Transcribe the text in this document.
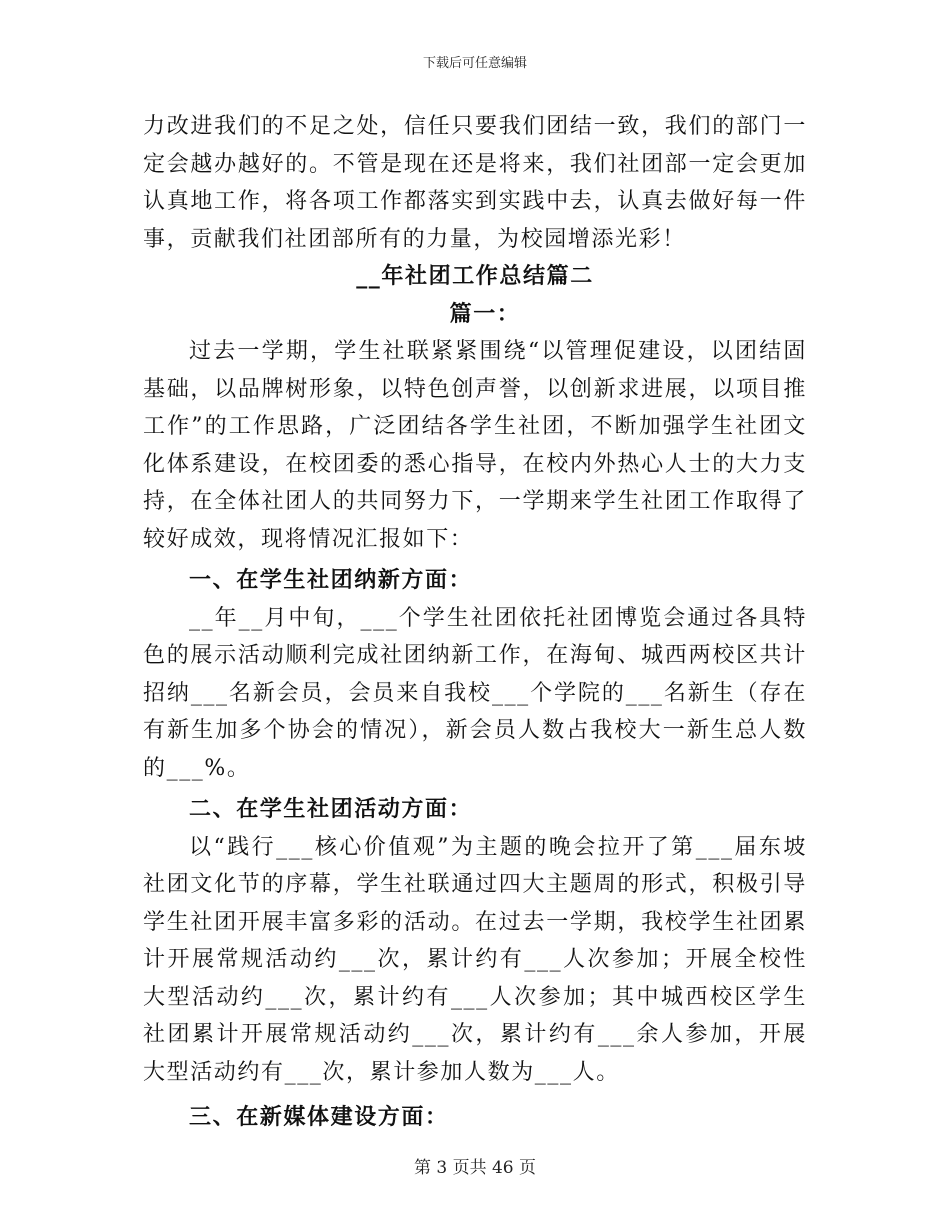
下载后可任意编辑

力改进我们的不足之处，信任只要我们团结一致，我们的部门一定会越办越好的。不管是现在还是将来，我们社团部一定会更加认真地工作，将各项工作都落实到实践中去，认真去做好每一件事，贡献我们社团部所有的力量，为校园增添光彩！

__年社团工作总结篇二

篇一：

过去一学期，学生社联紧紧围绕“以管理促建设，以团结固基础，以品牌树形象，以特色创声誉，以创新求进展，以项目推工作”的工作思路，广泛团结各学生社团，不断加强学生社团文化体系建设，在校团委的悉心指导，在校内外热心人士的大力支持，在全体社团人的共同努力下，一学期来学生社团工作取得了较好成效，现将情况汇报如下：

一、在学生社团纳新方面：

__年__月中旬，___个学生社团依托社团博览会通过各具特色的展示活动顺利完成社团纳新工作，在海甸、城西两校区共计招纳___名新会员，会员来自我校___个学院的___名新生（存在有新生加多个协会的情况），新会员人数占我校大一新生总人数的___%。

二、在学生社团活动方面：

以“践行___核心价值观”为主题的晚会拉开了第___届东坡社团文化节的序幕，学生社联通过四大主题周的形式，积极引导学生社团开展丰富多彩的活动。在过去一学期，我校学生社团累计开展常规活动约___次，累计约有___人次参加；开展全校性大型活动约___次，累计约有___人次参加；其中城西校区学生社团累计开展常规活动约___次，累计约有___余人参加，开展大型活动约有___次，累计参加人数为___人。

三、在新媒体建设方面：

第 3 页共 46 页
